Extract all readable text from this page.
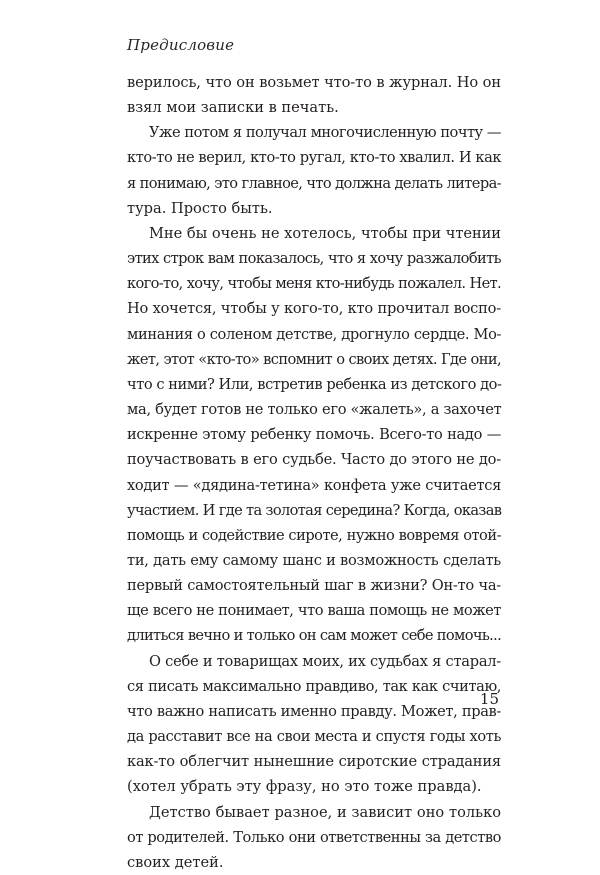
Предисловие

верилось, что он возьмет что-то в журнал. Но он
взял мои записки в печать.

Уже потом я получал многочисленную почту —
кто-то не верил, кто-то ругал, кто-то хвалил. И как
я понимаю, это главное, что должна делать литера-
тура. Просто быть.

Мне бы очень не хотелось, чтобы при чтении
этих строк вам показалось, что я хочу разжалобить
кого-то, хочу, чтобы меня кто-нибудь пожалел. Нет.
Но хочется, чтобы у кого-то, кто прочитал воспо-
минания о соленом детстве, дрогнуло сердце. Мо-
жет, этот «кто-то» вспомнит о своих детях. Где они,
что с ними? Или, встретив ребенка из детского до-
ма, будет готов не только его «жалеть», а захочет
искренне этому ребенку помочь. Всего-то надо —
поучаствовать в его судьбе. Часто до этого не до-
ходит — «дядина-тетина» конфета уже считается
участием. И где та золотая середина? Когда, оказав
помощь и содействие сироте, нужно вовремя отой-
ти, дать ему самому шанс и возможность сделать
первый самостоятельный шаг в жизни? Он-то ча-
ще всего не понимает, что ваша помощь не может
длиться вечно и только он сам может себе помочь...

О себе и товарищах моих, их судьбах я старал-
ся писать максимально правдиво, так как считаю,
что важно написать именно правду. Может, прав-
да расставит все на свои места и спустя годы хоть
как-то облегчит нынешние сиротские страдания
(хотел убрать эту фразу, но это тоже правда).

Детство бывает разное, и зависит оно только
от родителей. Только они ответственны за детство
своих детей.

15
